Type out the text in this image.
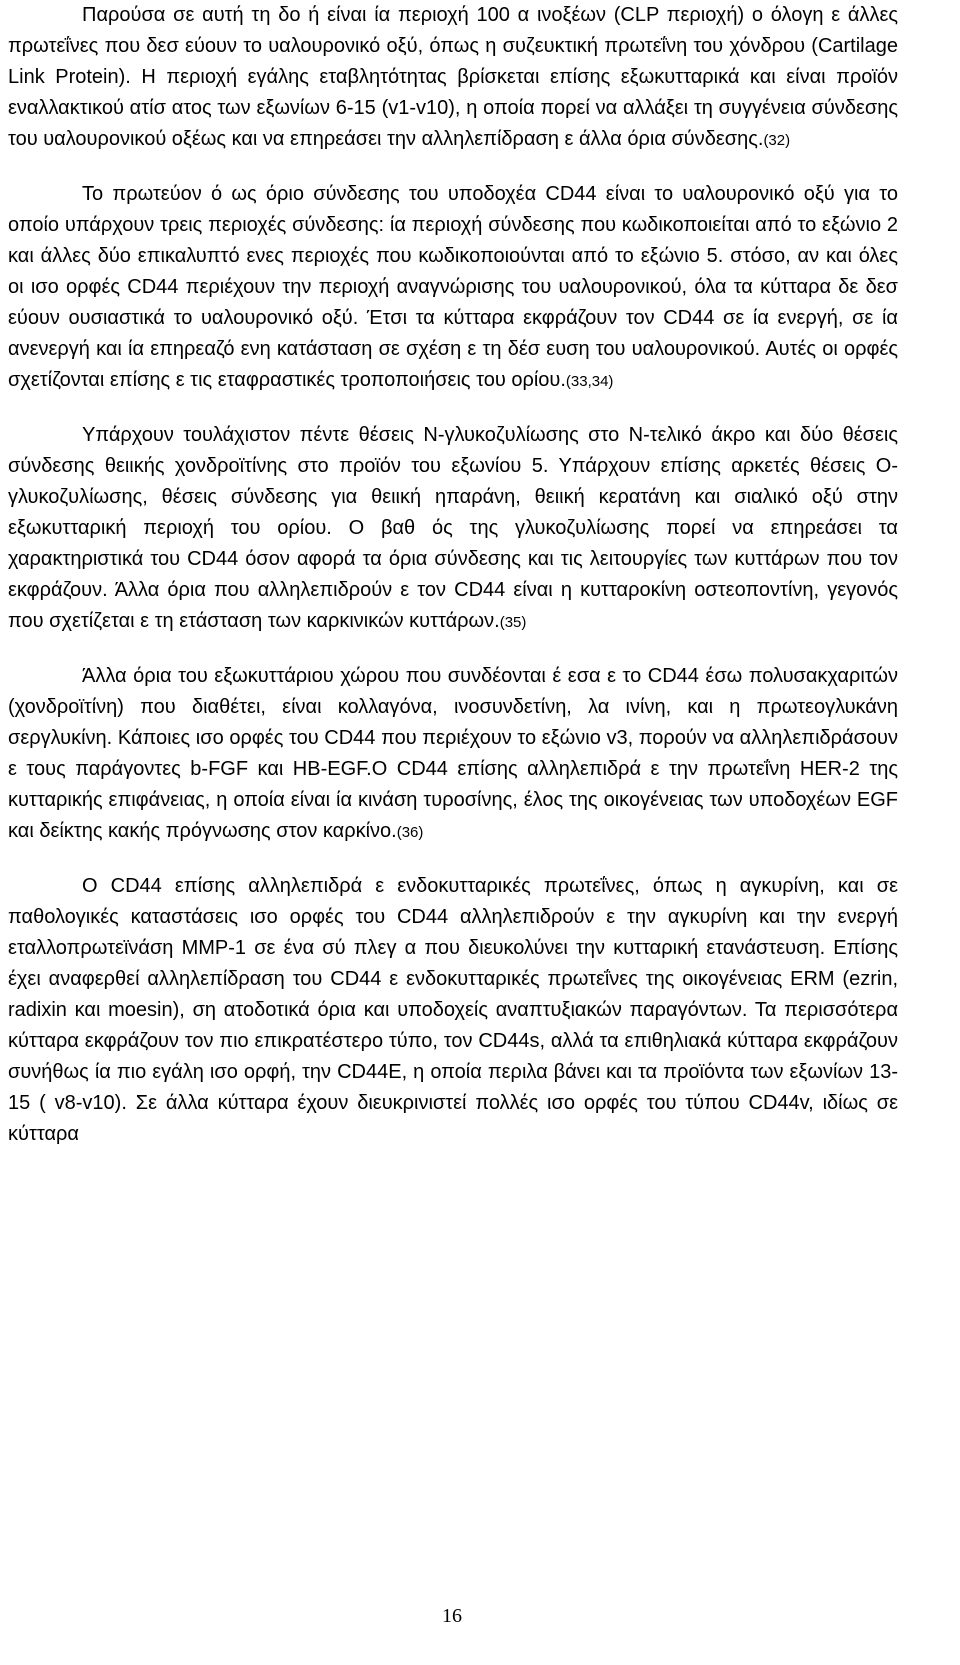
Παρούσα σε αυτή τη δο ή είναι ία περιοχή 100 α ινοξέων (CLP περιοχή) ο όλογη ε άλλες πρωτεΐνες που δεσ εύουν το υαλουρονικό οξύ, όπως η συζευκτική πρωτεΐνη του χόνδρου (Cartilage Link Protein). Η περιοχή εγάλης εταβλητότητας βρίσκεται επίσης εξωκυτταρικά και είναι προϊόν εναλλακτικού ατίσ ατος των εξωνίων 6-15 (v1-v10), η οποία πορεί να αλλάξει τη συγγένεια σύνδεσης του υαλουρονικού οξέως και να επηρεάσει την αλληλεπίδραση ε άλλα όρια σύνδεσης.(32)

Το πρωτεύον ό ως όριο σύνδεσης του υποδοχέα CD44 είναι το υαλουρονικό οξύ για το οποίο υπάρχουν τρεις περιοχές σύνδεσης: ία περιοχή σύνδεσης που κωδικοποιείται από το εξώνιο 2 και άλλες δύο επικαλυπτό ενες περιοχές που κωδικοποιούνται από το εξώνιο 5. στόσο, αν και όλες οι ισο ορφές CD44 περιέχουν την περιοχή αναγνώρισης του υαλουρονικού, όλα τα κύτταρα δε δεσ εύουν ουσιαστικά το υαλουρονικό οξύ. Έτσι τα κύτταρα εκφράζουν τον CD44 σε ία ενεργή, σε ία ανενεργή και ία επηρεαζό ενη κατάσταση σε σχέση ε τη δέσ ευση του υαλουρονικού. Αυτές οι ορφές σχετίζονται επίσης ε τις εταφραστικές τροποποιήσεις του ορίου.(33,34)

Υπάρχουν τουλάχιστον πέντε θέσεις Ν-γλυκοζυλίωσης στο Ν-τελικό άκρο και δύο θέσεις σύνδεσης θειικής χονδροϊτίνης στο προϊόν του εξωνίου 5. Υπάρχουν επίσης αρκετές θέσεις Ο-γλυκοζυλίωσης, θέσεις σύνδεσης για θειική ηπαράνη, θειική κερατάνη και σιαλικό οξύ στην εξωκυτταρική περιοχή του ορίου. Ο βαθ ός της γλυκοζυλίωσης πορεί να επηρεάσει τα χαρακτηριστικά του CD44 όσον αφορά τα όρια σύνδεσης και τις λειτουργίες των κυττάρων που τον εκφράζουν. Άλλα όρια που αλληλεπιδρούν ε τον CD44 είναι η κυτταροκίνη οστεοποντίνη, γεγονός που σχετίζεται ε τη ετάσταση των καρκινικών κυττάρων.(35)

Άλλα όρια του εξωκυττάριου χώρου που συνδέονται έ εσα ε το CD44 έσω πολυσακχαριτών (χονδροϊτίνη) που διαθέτει, είναι κολλαγόνα, ινοσυνδετίνη, λα ινίνη, και η πρωτεογλυκάνη σεργλυκίνη. Κάποιες ισο ορφές του CD44 που περιέχουν το εξώνιο v3, πορούν να αλληλεπιδράσουν ε τους παράγοντες b-FGF και HB-EGF.Ο CD44 επίσης αλληλεπιδρά ε την πρωτεΐνη HER-2 της κυτταρικής επιφάνειας, η οποία είναι ία κινάση τυροσίνης, έλος της οικογένειας των υποδοχέων EGF και δείκτης κακής πρόγνωσης στον καρκίνο.(36)

Ο CD44 επίσης αλληλεπιδρά ε ενδοκυτταρικές πρωτεΐνες, όπως η αγκυρίνη, και σε παθολογικές καταστάσεις ισο ορφές του CD44 αλληλεπιδρούν ε την αγκυρίνη και την ενεργή εταλλοπρωτεϊνάση MMP-1 σε ένα σύ πλεγ α που διευκολύνει την κυτταρική ετανάστευση. Επίσης έχει αναφερθεί αλληλεπίδραση του CD44 ε ενδοκυτταρικές πρωτεΐνες της οικογένειας ERM (ezrin, radixin και moesin), ση ατοδοτικά όρια και υποδοχείς αναπτυξιακών παραγόντων. Τα περισσότερα κύτταρα εκφράζουν τον πιο επικρατέστερο τύπο, τον CD44s, αλλά τα επιθηλιακά κύτταρα εκφράζουν συνήθως ία πιο εγάλη ισο ορφή, την CD44E, η οποία περιλα βάνει και τα προϊόντα των εξωνίων 13-15 ( v8-v10). Σε άλλα κύτταρα έχουν διευκρινιστεί πολλές ισο ορφές του τύπου CD44v, ιδίως σε κύτταρα

16
